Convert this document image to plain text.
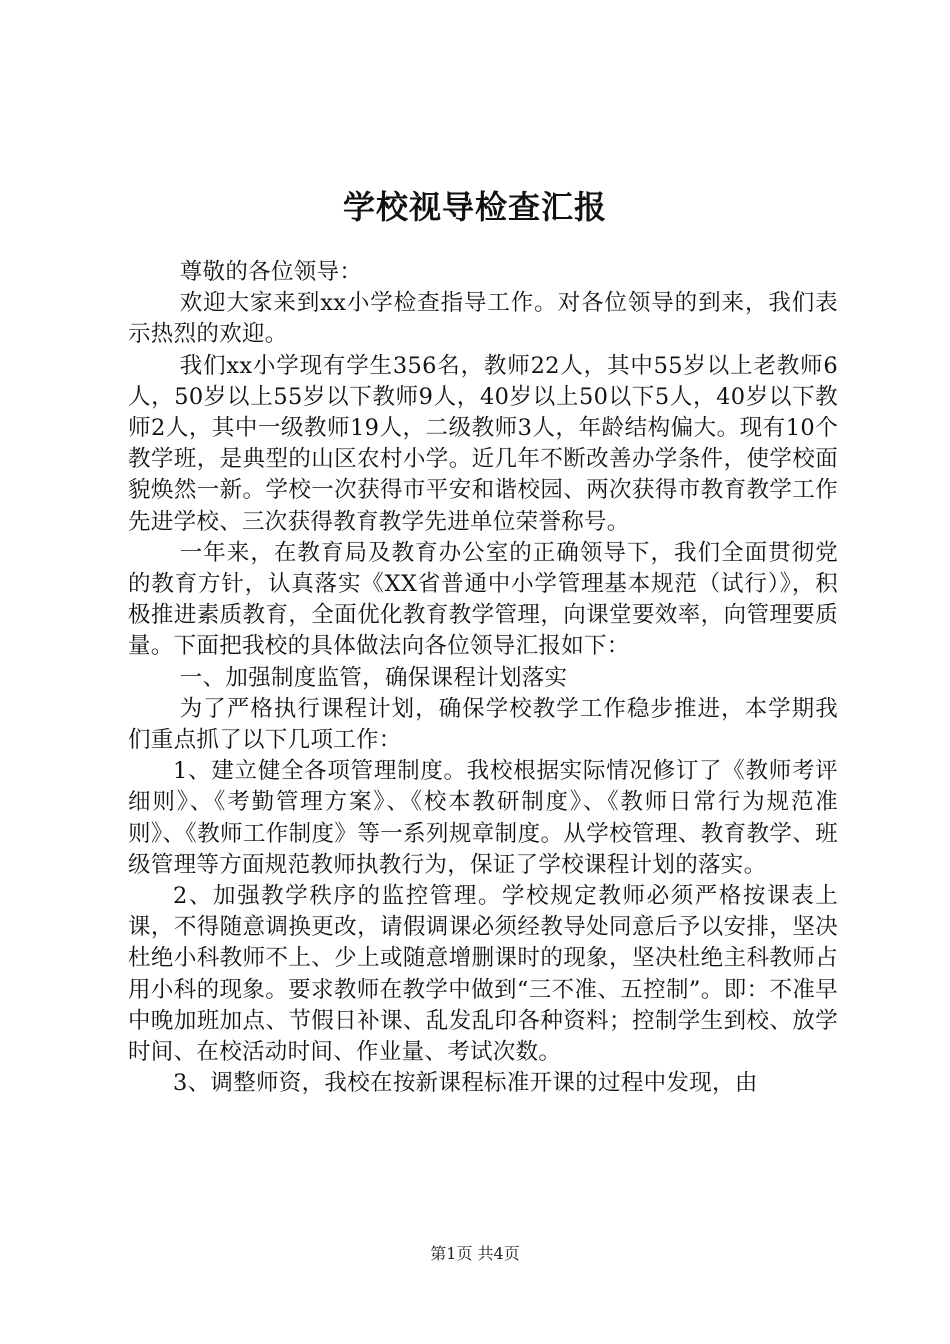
学校视导检查汇报

尊敬的各位领导：

欢迎大家来到xx小学检查指导工作。对各位领导的到来，我们表示热烈的欢迎。

我们xx小学现有学生356名，教师22人，其中55岁以上老教师6人，50岁以上55岁以下教师9人，40岁以上50以下5人，40岁以下教师2人，其中一级教师19人，二级教师3人，年龄结构偏大。现有10个教学班，是典型的山区农村小学。近几年不断改善办学条件，使学校面貌焕然一新。学校一次获得市平安和谐校园、两次获得市教育教学工作先进学校、三次获得教育教学先进单位荣誉称号。

一年来，在教育局及教育办公室的正确领导下，我们全面贯彻党的教育方针，认真落实《XX省普通中小学管理基本规范（试行）》，积极推进素质教育，全面优化教育教学管理，向课堂要效率，向管理要质量。下面把我校的具体做法向各位领导汇报如下：

一、加强制度监管，确保课程计划落实

为了严格执行课程计划，确保学校教学工作稳步推进，本学期我们重点抓了以下几项工作：

1、建立健全各项管理制度。我校根据实际情况修订了《教师考评细则》、《考勤管理方案》、《校本教研制度》、《教师日常行为规范准则》、《教师工作制度》等一系列规章制度。从学校管理、教育教学、班级管理等方面规范教师执教行为，保证了学校课程计划的落实。

2、加强教学秩序的监控管理。学校规定教师必须严格按课表上课，不得随意调换更改，请假调课必须经教导处同意后予以安排，坚决杜绝小科教师不上、少上或随意增删课时的现象，坚决杜绝主科教师占用小科的现象。要求教师在教学中做到“三不准、五控制”。即：不准早中晚加班加点、节假日补课、乱发乱印各种资料；控制学生到校、放学时间、在校活动时间、作业量、考试次数。

3、调整师资，我校在按新课程标准开课的过程中发现，由

第1页 共4页
